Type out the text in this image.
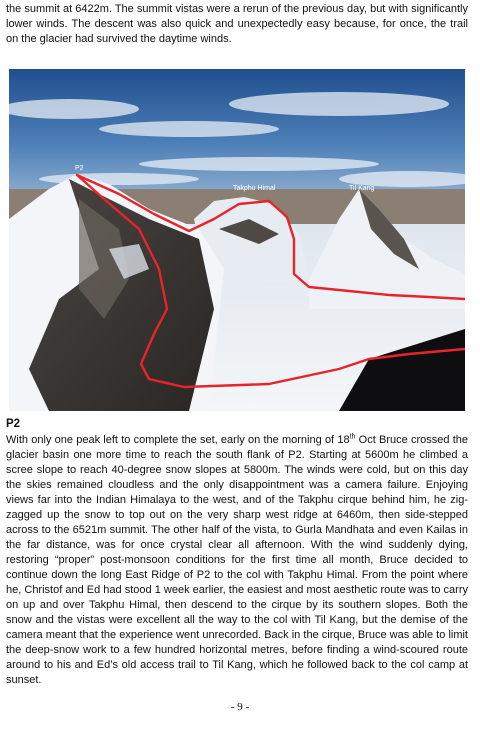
the summit at 6422m. The summit vistas were a rerun of the previous day, but with significantly lower winds. The descent was also quick and unexpectedly easy because, for once, the trail on the glacier had survived the daytime winds.

P2
Takphu Himal	Til Kang
P2

With only one peak left to complete the set, early on the morning of 18th Oct Bruce crossed the glacier basin one more time to reach the south flank of P2. Starting at 5600m he climbed a scree slope to reach 40-degree snow slopes at 5800m. The winds were cold, but on this day the skies remained cloudless and the only disappointment was a camera failure. Enjoying views far into the Indian Himalaya to the west, and of the Takphu cirque behind him, he zig-zagged up the snow to top out on the very sharp west ridge at 6460m, then side-stepped across to the 6521m summit. The other half of the vista, to Gurla Mandhata and even Kailas in the far distance, was for once crystal clear all afternoon. With the wind suddenly dying, restoring “proper” post-monsoon conditions for the first time all month, Bruce decided to continue down the long East Ridge of P2 to the col with Takphu Himal. From the point where he, Christof and Ed had stood 1 week earlier, the easiest and most aesthetic route was to carry on up and over Takphu Himal, then descend to the cirque by its southern slopes. Both the snow and the vistas were excellent all the way to the col with Til Kang, but the demise of the camera meant that the experience went unrecorded. Back in the cirque, Bruce was able to limit the deep-snow work to a few hundred horizontal metres, before finding a wind-scoured route around to his and Ed’s old access trail to Til Kang, which he followed back to the col camp at sunset.

- 9 -
